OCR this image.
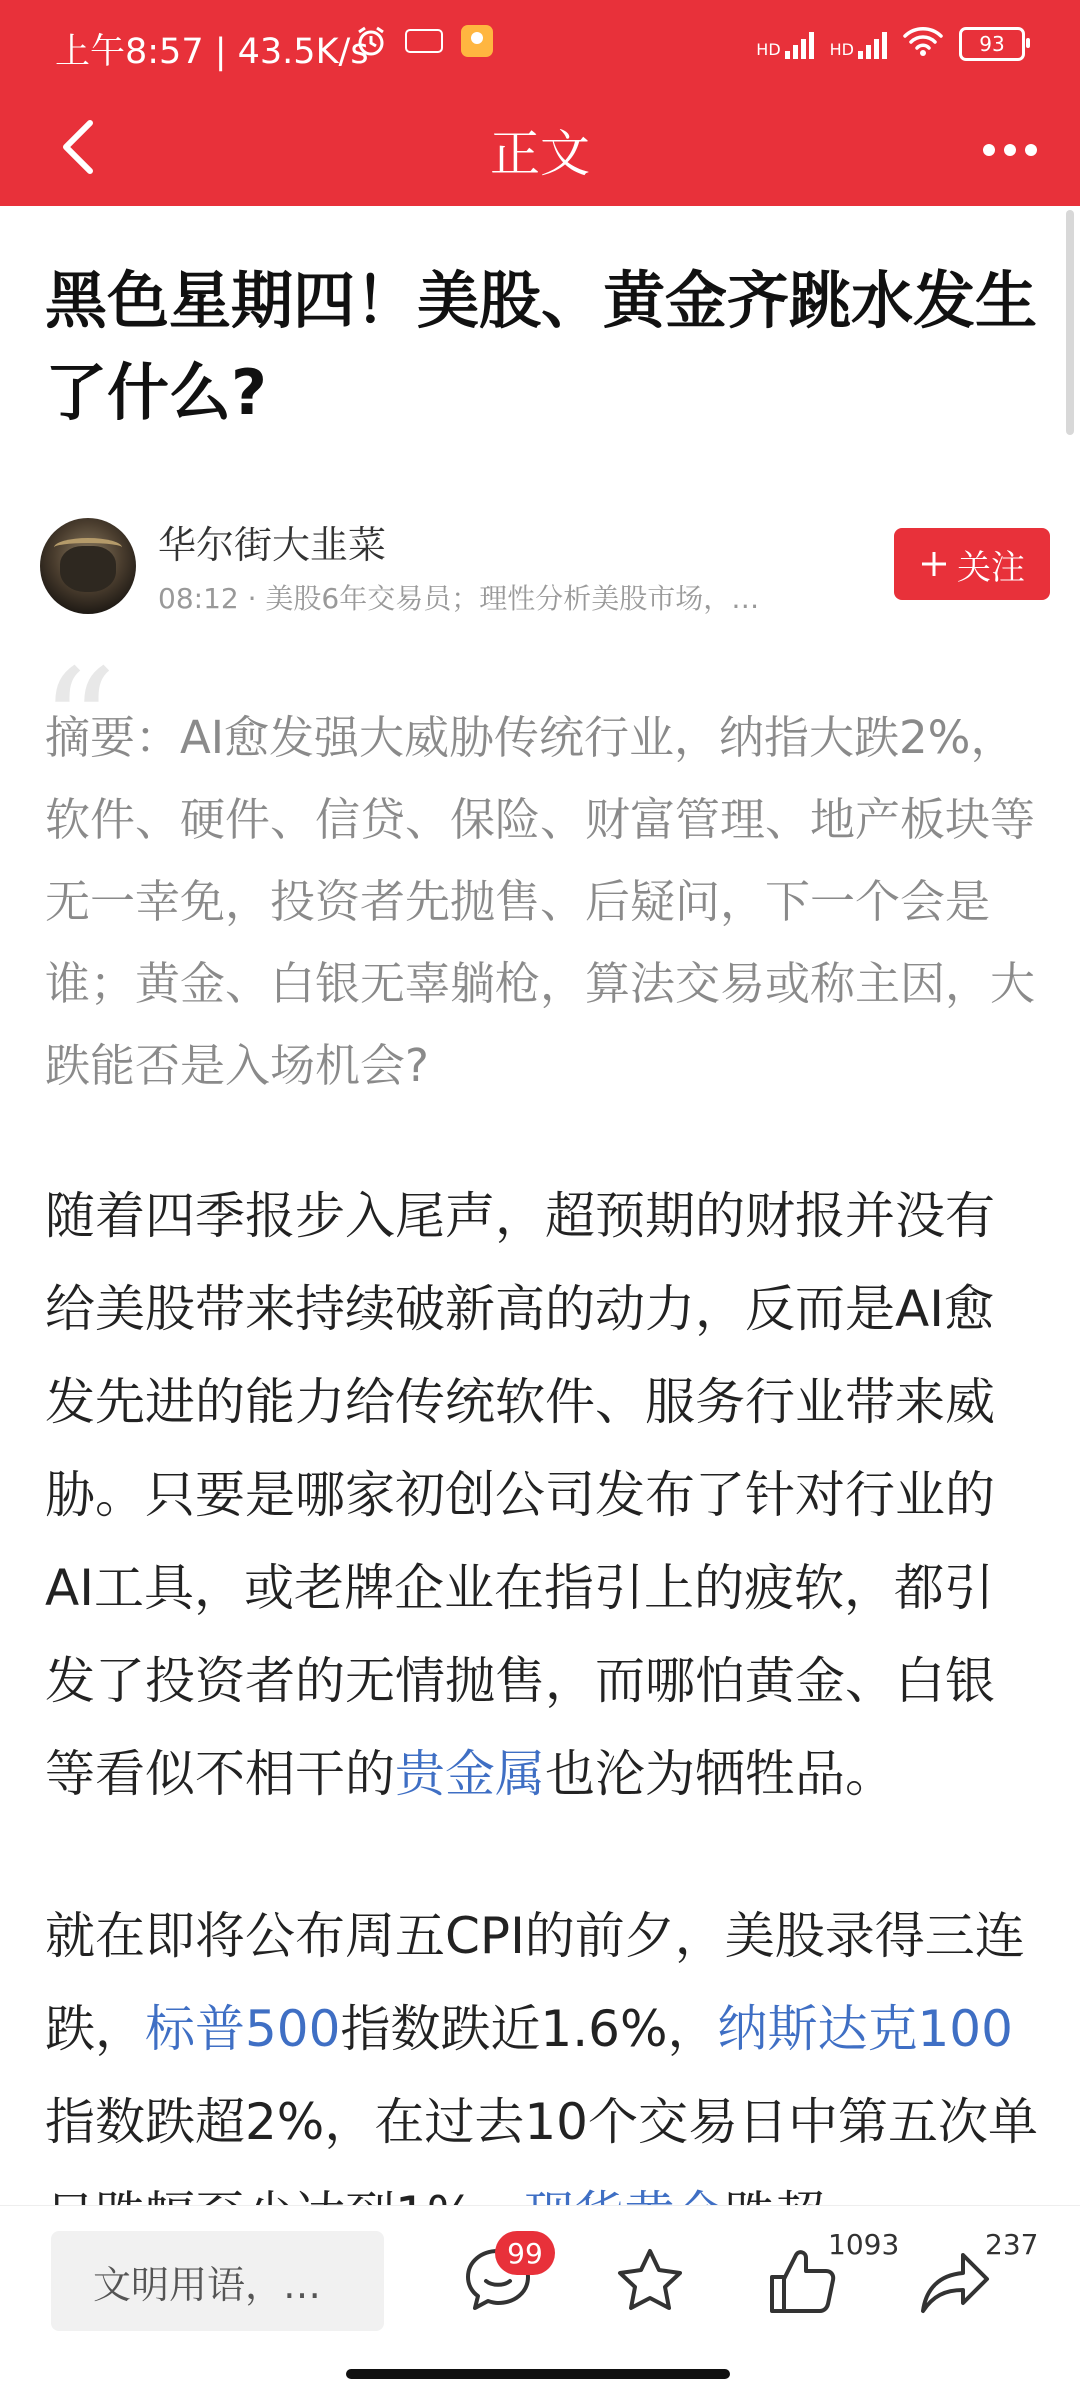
上午8:57 | 43.5K/s	HD	HD	93
正文
黑色星期四！美股、黄金齐跳水发生了什么?
华尔街大韭菜
08:12 · 美股6年交易员；理性分析美股市场，…
关注
“

摘要：AI愈发强大威胁传统行业，纳指大跌2%，软件、硬件、信贷、保险、财富管理、地产板块等无一幸免，投资者先抛售、后疑问，下一个会是谁；黄金、白银无辜躺枪，算法交易或称主因，大跌能否是入场机会?

随着四季报步入尾声，超预期的财报并没有给美股带来持续破新高的动力，反而是AI愈发先进的能力给传统软件、服务行业带来威胁。只要是哪家初创公司发布了针对行业的AI工具，或老牌企业在指引上的疲软，都引发了投资者的无情抛售，而哪怕黄金、白银等看似不相干的贵金属也沦为牺牲品。

就在即将公布周五CPI的前夕，美股录得三连跌，标普500指数跌近1.6%，纳斯达克100指数跌超2%，在过去10个交易日中第五次单

文明用语，…
99	1093	237
